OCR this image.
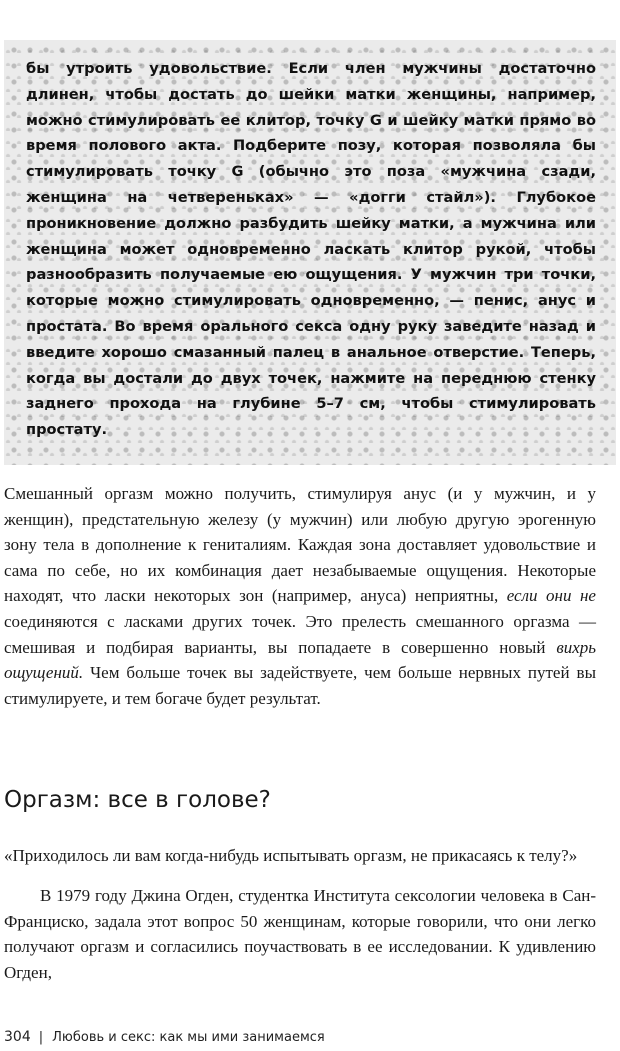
бы утроить удовольствие. Если член мужчины достаточно длинен, чтобы достать до шейки матки женщины, например, можно стимулировать ее клитор, точку G и шейку матки прямо во время полового акта. Подберите позу, которая позволяла бы стимулировать точку G (обычно это поза «мужчина сзади, женщина на четвереньках» — «догги стайл»). Глубокое проникновение должно разбудить шейку матки, а мужчина или женщина может одновременно ласкать клитор рукой, чтобы разнообразить получаемые ею ощущения. У мужчин три точки, которые можно стимулировать одновременно, — пенис, анус и простата. Во время орального секса одну руку заведите назад и введите хорошо смазанный палец в анальное отверстие. Теперь, когда вы достали до двух точек, нажмите на переднюю стенку заднего прохода на глубине 5–7 см, чтобы стимулировать простату.

Смешанный оргазм можно получить, стимулируя анус (и у мужчин, и у женщин), предстательную железу (у мужчин) или любую другую эрогенную зону тела в дополнение к гениталиям. Каждая зона доставляет удовольствие и сама по себе, но их комбинация дает незабываемые ощущения. Некоторые находят, что ласки некоторых зон (например, ануса) неприятны, если они не соединяются с ласками других точек. Это прелесть смешанного оргазма — смешивая и подбирая варианты, вы попадаете в совершенно новый вихрь ощущений. Чем больше точек вы задействуете, чем больше нервных путей вы стимулируете, и тем богаче будет результат.

Оргазм: все в голове?

«Приходилось ли вам когда-нибудь испытывать оргазм, не прикасаясь к телу?»

В 1979 году Джина Огден, студентка Института сексологии человека в Сан-Франциско, задала этот вопрос 50 женщинам, которые говорили, что они легко получают оргазм и согласились поучаствовать в ее исследовании. К удивлению Огден,

304 | Любовь и секс: как мы ими занимаемся
